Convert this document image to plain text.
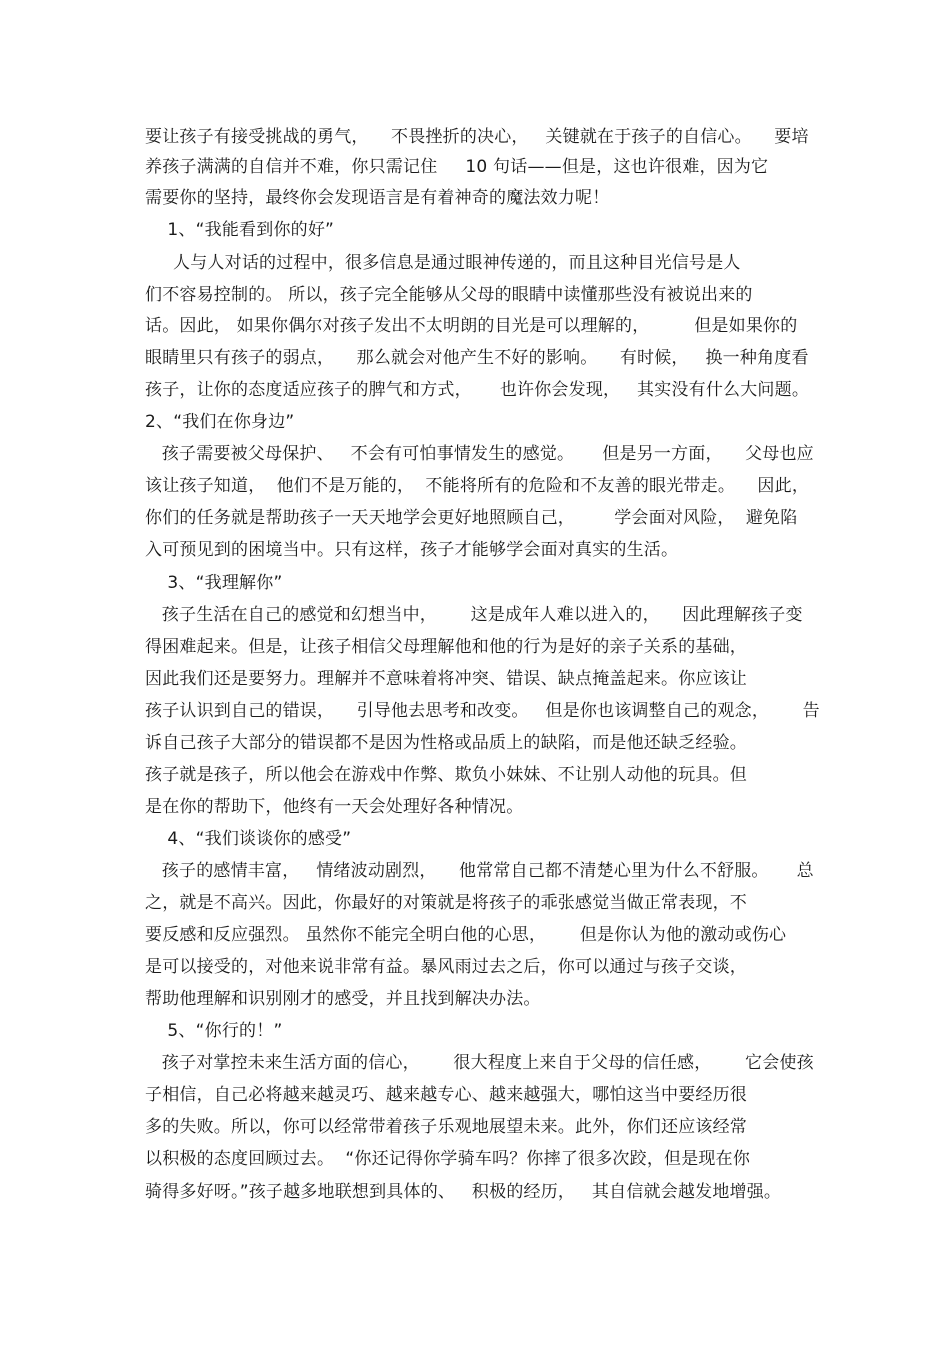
要让孩子有接受挑战的勇气，    不畏挫折的决心，   关键就在于孩子的自信心。    要培
养孩子满满的自信并不难，你只需记住     10 句话——但是，这也许很难，因为它
需要你的坚持，最终你会发现语言是有着神奇的魔法效力呢！
1、“我能看到你的好”
人与人对话的过程中，很多信息是通过眼神传递的，而且这种目光信号是人
们不容易控制的。 所以，孩子完全能够从父母的眼睛中读懂那些没有被说出来的
话。因此， 如果你偶尔对孩子发出不太明朗的目光是可以理解的，        但是如果你的
眼睛里只有孩子的弱点，    那么就会对他产生不好的影响。    有时候，   换一种角度看
孩子，让你的态度适应孩子的脾气和方式，     也许你会发现，   其实没有什么大问题。
2、“我们在你身边”
孩子需要被父母保护、   不会有可怕事情发生的感觉。     但是另一方面，    父母也应
该让孩子知道，  他们不是万能的，  不能将所有的危险和不友善的眼光带走。    因此，
你们的任务就是帮助孩子一天天地学会更好地照顾自己，       学会面对风险，  避免陷
入可预见到的困境当中。只有这样，孩子才能够学会面对真实的生活。
3、“我理解你”
孩子生活在自己的感觉和幻想当中，      这是成年人难以进入的，    因此理解孩子变
得困难起来。但是，让孩子相信父母理解他和他的行为是好的亲子关系的基础，
因此我们还是要努力。理解并不意味着将冲突、错误、缺点掩盖起来。你应该让
孩子认识到自己的错误，    引导他去思考和改变。   但是你也该调整自己的观念，      告
诉自己孩子大部分的错误都不是因为性格或品质上的缺陷，而是他还缺乏经验。
孩子就是孩子，所以他会在游戏中作弊、欺负小妹妹、不让别人动他的玩具。但
是在你的帮助下，他终有一天会处理好各种情况。
4、“我们谈谈你的感受”
孩子的感情丰富，   情绪波动剧烈，    他常常自己都不清楚心里为什么不舒服。     总
之，就是不高兴。因此，你最好的对策就是将孩子的乖张感觉当做正常表现，不
要反感和反应强烈。 虽然你不能完全明白他的心思，      但是你认为他的激动或伤心
是可以接受的，对他来说非常有益。暴风雨过去之后，你可以通过与孩子交谈，
帮助他理解和识别刚才的感受，并且找到解决办法。
5、“你行的！”
孩子对掌控未来生活方面的信心，      很大程度上来自于父母的信任感，      它会使孩
子相信，自己必将越来越灵巧、越来越专心、越来越强大，哪怕这当中要经历很
多的失败。所以，你可以经常带着孩子乐观地展望未来。此外，你们还应该经常
以积极的态度回顾过去。  “你还记得你学骑车吗？你摔了很多次跤，但是现在你
骑得多好呀。”孩子越多地联想到具体的、   积极的经历，   其自信就会越发地增强。
